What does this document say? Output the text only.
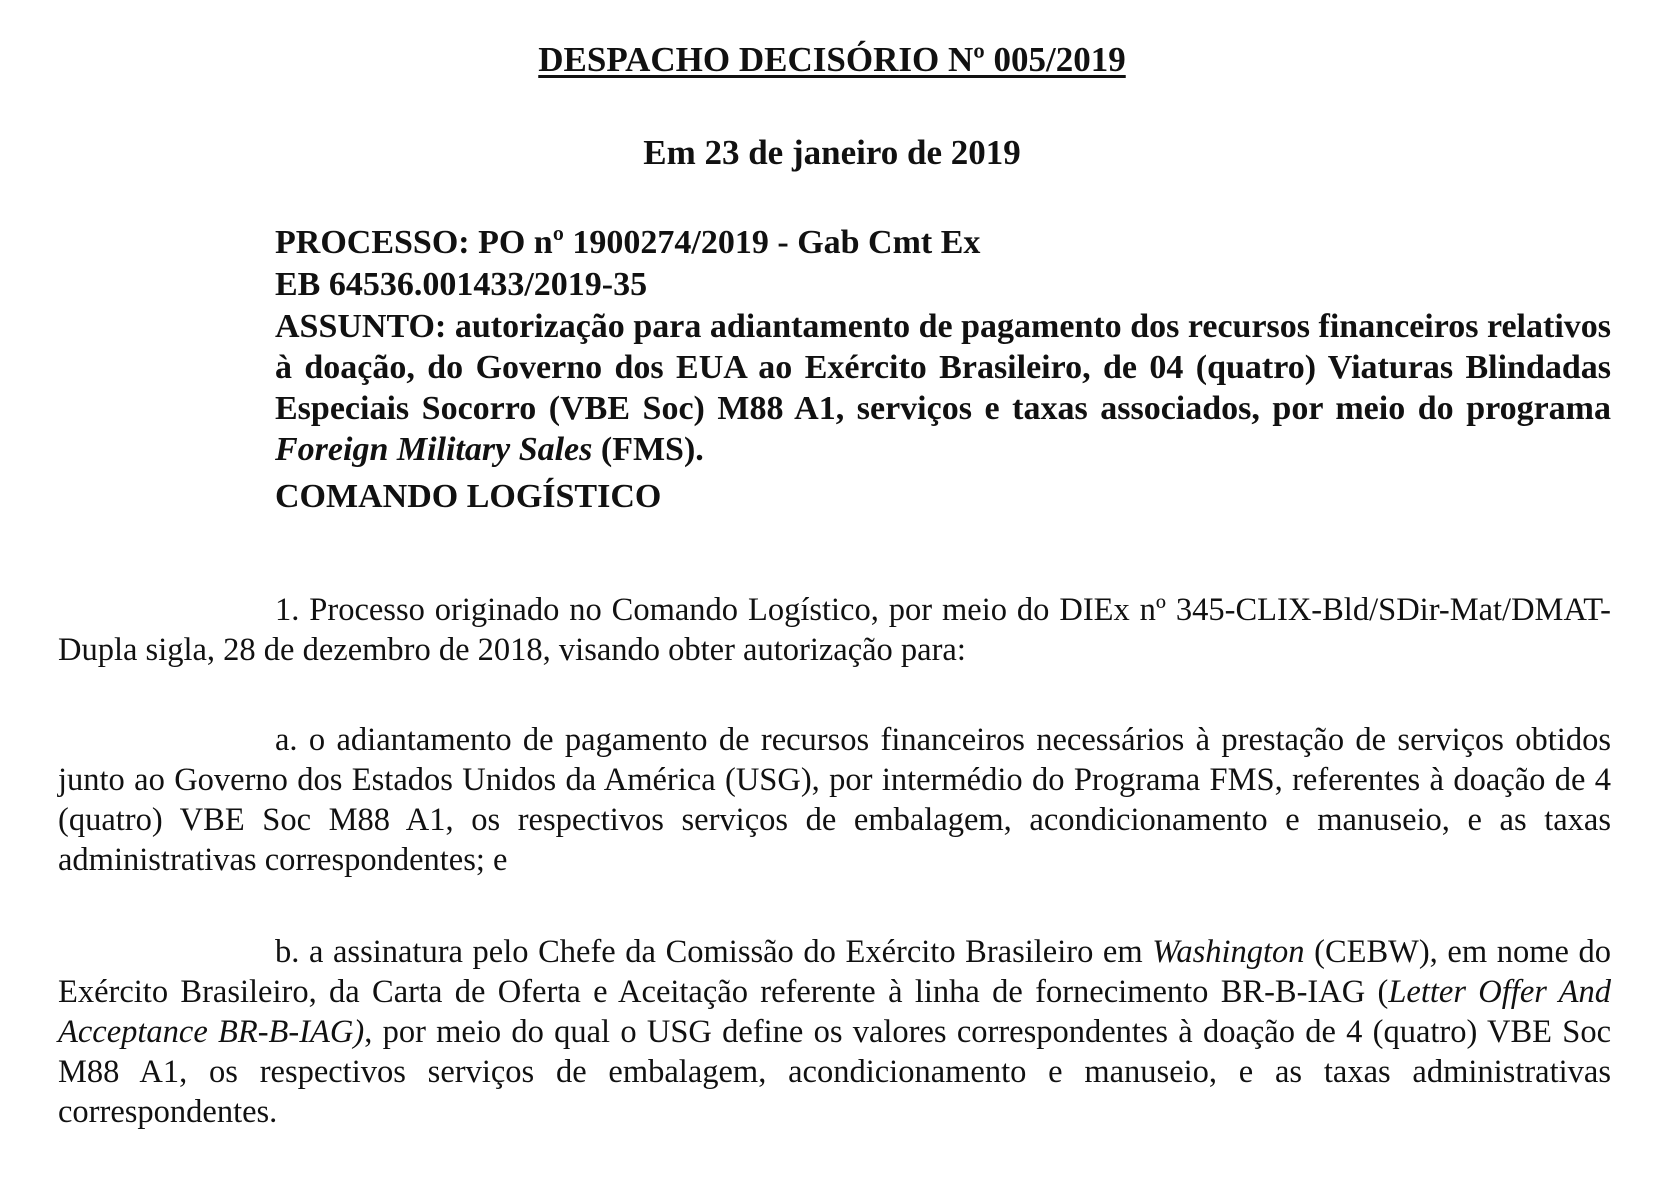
DESPACHO DECISÓRIO Nº 005/2019
Em 23 de janeiro de 2019
PROCESSO: PO nº 1900274/2019 - Gab Cmt Ex
EB 64536.001433/2019-35
ASSUNTO: autorização para adiantamento de pagamento dos recursos financeiros relativos à doação, do Governo dos EUA ao Exército Brasileiro, de 04 (quatro) Viaturas Blindadas Especiais Socorro (VBE Soc) M88 A1, serviços e taxas associados, por meio do programa Foreign Military Sales (FMS).
COMANDO LOGÍSTICO
1. Processo originado no Comando Logístico, por meio do DIEx nº 345-CLIX-Bld/SDir-Mat/DMAT-Dupla sigla, 28 de dezembro de 2018, visando obter autorização para:
a. o adiantamento de pagamento de recursos financeiros necessários à prestação de serviços obtidos junto ao Governo dos Estados Unidos da América (USG), por intermédio do Programa FMS, referentes à doação de 4 (quatro) VBE Soc M88 A1, os respectivos serviços de embalagem, acondicionamento e manuseio, e as taxas administrativas correspondentes; e
b. a assinatura pelo Chefe da Comissão do Exército Brasileiro em Washington (CEBW), em nome do Exército Brasileiro, da Carta de Oferta e Aceitação referente à linha de fornecimento BR-B-IAG (Letter Offer And Acceptance BR-B-IAG), por meio do qual o USG define os valores correspondentes à doação de 4 (quatro) VBE Soc M88 A1, os respectivos serviços de embalagem, acondicionamento e manuseio, e as taxas administrativas correspondentes.
